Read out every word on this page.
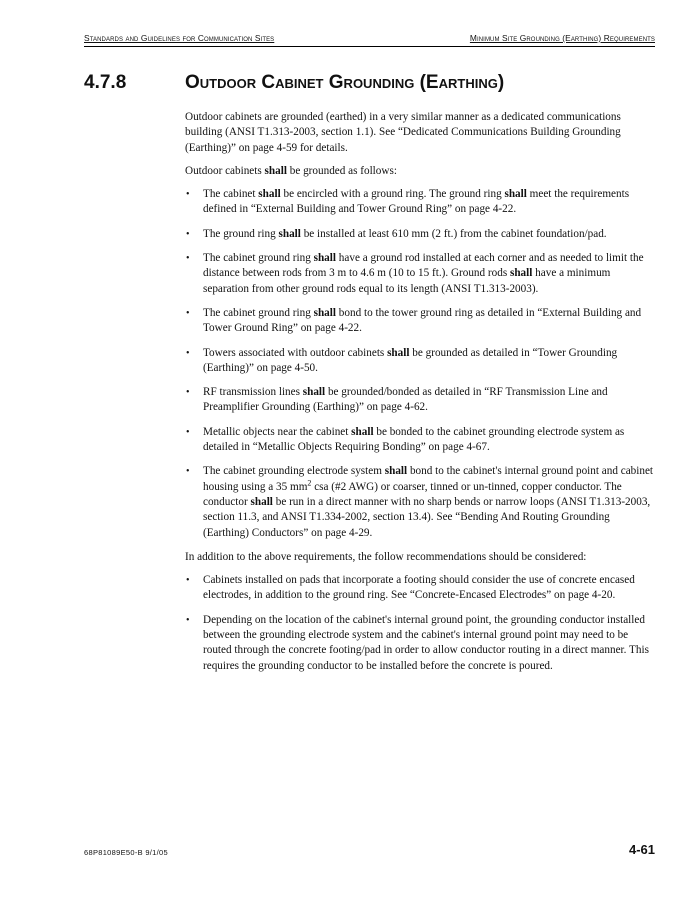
Standards and Guidelines for Communication Sites	Minimum Site Grounding (Earthing) Requirements
4.7.8	Outdoor Cabinet Grounding (Earthing)

Outdoor cabinets are grounded (earthed) in a very similar manner as a dedicated communications building (ANSI T1.313-2003, section 1.1). See “Dedicated Communications Building Grounding (Earthing)” on page 4-59 for details.

Outdoor cabinets shall be grounded as follows:

• The cabinet shall be encircled with a ground ring. The ground ring shall meet the requirements defined in “External Building and Tower Ground Ring” on page 4-22.
• The ground ring shall be installed at least 610 mm (2 ft.) from the cabinet foundation/pad.
• The cabinet ground ring shall have a ground rod installed at each corner and as needed to limit the distance between rods from 3 m to 4.6 m (10 to 15 ft.). Ground rods shall have a minimum separation from other ground rods equal to its length (ANSI T1.313-2003).
• The cabinet ground ring shall bond to the tower ground ring as detailed in “External Building and Tower Ground Ring” on page 4-22.
• Towers associated with outdoor cabinets shall be grounded as detailed in “Tower Grounding (Earthing)” on page 4-50.
• RF transmission lines shall be grounded/bonded as detailed in “RF Transmission Line and Preamplifier Grounding (Earthing)” on page 4-62.
• Metallic objects near the cabinet shall be bonded to the cabinet grounding electrode system as detailed in “Metallic Objects Requiring Bonding” on page 4-67.
• The cabinet grounding electrode system shall bond to the cabinet's internal ground point and cabinet housing using a 35 $mm^2$ csa (#2 AWG) or coarser, tinned or un-tinned, copper conductor. The conductor shall be run in a direct manner with no sharp bends or narrow loops (ANSI T1.313-2003, section 11.3, and ANSI T1.334-2002, section 13.4). See “Bending And Routing Grounding (Earthing) Conductors” on page 4-29.

In addition to the above requirements, the follow recommendations should be considered:

• Cabinets installed on pads that incorporate a footing should consider the use of concrete encased electrodes, in addition to the ground ring. See “Concrete-Encased Electrodes” on page 4-20.
• Depending on the location of the cabinet's internal ground point, the grounding conductor installed between the grounding electrode system and the cabinet's internal ground point may need to be routed through the concrete footing/pad in order to allow conductor routing in a direct manner. This requires the grounding conductor to be installed before the concrete is poured.
68P81089E50-B 9/1/05	4-61
